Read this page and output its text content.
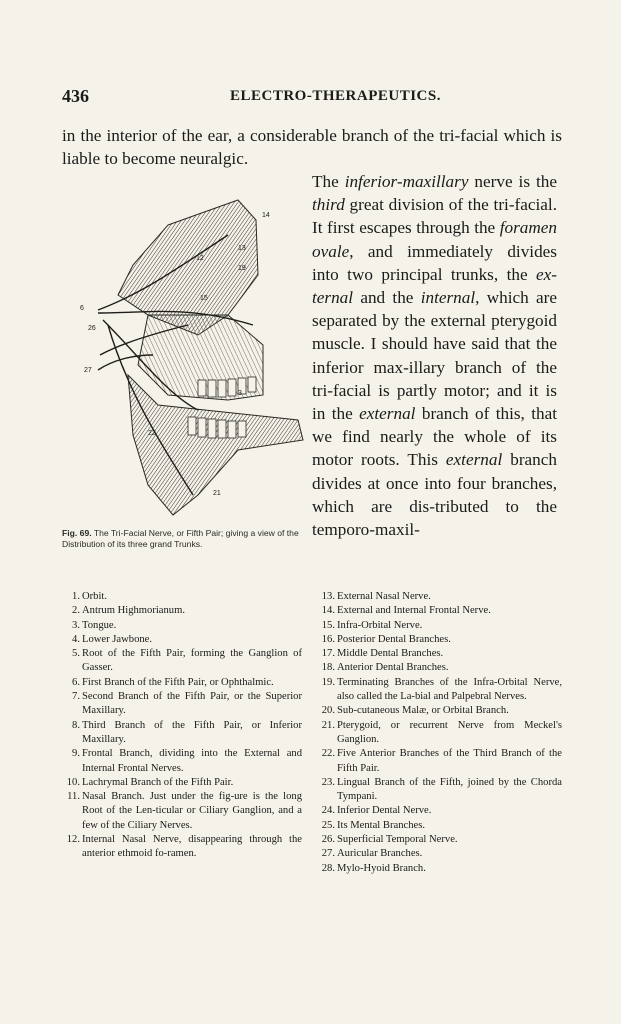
436	ELECTRO-THERAPEUTICS.

in the interior of the ear, a considerable branch of the tri-facial which is liable to become neuralgic.

The inferior-maxillary nerve is the third great division of the tri-facial. It first escapes through the foramen ovale, and immediately divides into two principal trunks, the ex-ternal and the internal, which are separated by the external pterygoid muscle. I should have said that the inferior max-illary branch of the tri-facial is partly motor; and it is in the external branch of this, that we find nearly the whole of its motor roots. This external branch divides at once into four branches, which are dis-tributed to the temporo-maxil-

14
13
12
19
15
6
26
27
3
22
21
Fig. 69. The Tri-Facial Nerve, or Fifth Pair; giving a view of the Distribution of its three grand Trunks.
1. Orbit.
2. Antrum Highmorianum.
3. Tongue.
4. Lower Jawbone.
5. Root of the Fifth Pair, forming the Ganglion of Gasser.
6. First Branch of the Fifth Pair, or Ophthalmic.
7. Second Branch of the Fifth Pair, or the Superior Maxillary.
8. Third Branch of the Fifth Pair, or Inferior Maxillary.
9. Frontal Branch, dividing into the External and Internal Frontal Nerves.
10. Lachrymal Branch of the Fifth Pair.
11. Nasal Branch. Just under the fig-ure is the long Root of the Len-ticular or Ciliary Ganglion, and a few of the Ciliary Nerves.
12. Internal Nasal Nerve, disappearing through the anterior ethmoid fo-ramen.
13. External Nasal Nerve.
14. External and Internal Frontal Nerve.
15. Infra-Orbital Nerve.
16. Posterior Dental Branches.
17. Middle Dental Branches.
18. Anterior Dental Branches.
19. Terminating Branches of the Infra-Orbital Nerve, also called the La-bial and Palpebral Nerves.
20. Sub-cutaneous Malæ, or Orbital Branch.
21. Pterygoid, or recurrent Nerve from Meckel's Ganglion.
22. Five Anterior Branches of the Third Branch of the Fifth Pair.
23. Lingual Branch of the Fifth, joined by the Chorda Tympani.
24. Inferior Dental Nerve.
25. Its Mental Branches.
26. Superficial Temporal Nerve.
27. Auricular Branches.
28. Mylo-Hyoid Branch.
